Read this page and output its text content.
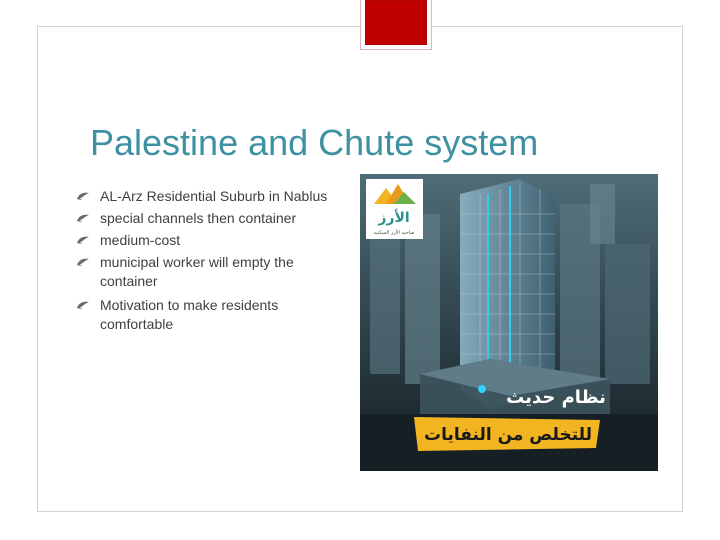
Palestine and Chute system
AL-Arz Residential Suburb in Nablus
special channels then container
medium-cost
municipal worker will empty the container
Motivation to make residents comfortable
الأرز
ضاحية الأرز السكنية
نظام حديث
للتخلص من النفايات
